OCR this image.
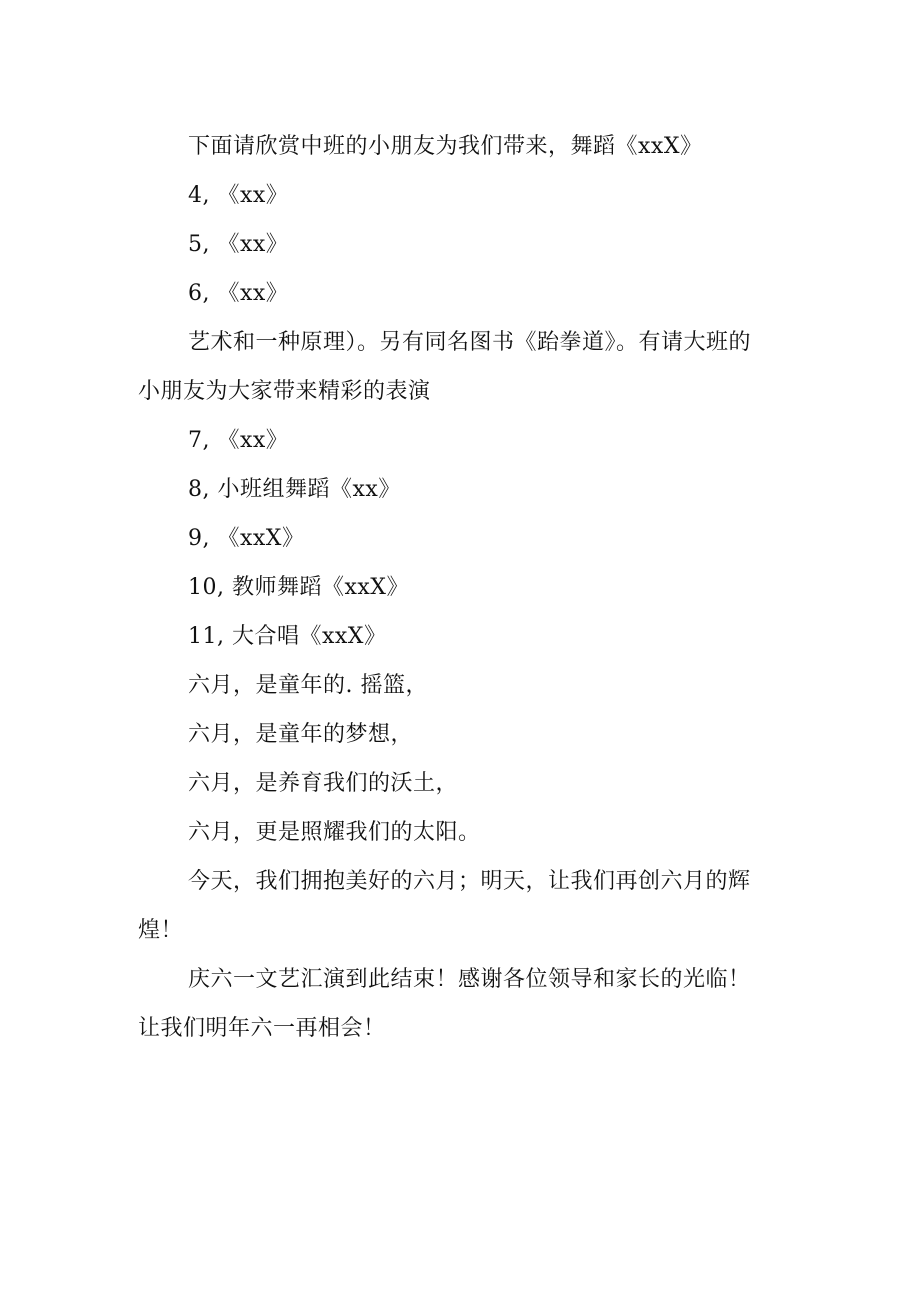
下面请欣赏中班的小朋友为我们带来，舞蹈《xxX》
4, 《xx》
5, 《xx》
6, 《xx》
艺术和一种原理）。另有同名图书《跆拳道》。有请大班的
小朋友为大家带来精彩的表演
7, 《xx》
8, 小班组舞蹈《xx》
9, 《xxX》
10, 教师舞蹈《xxX》
11, 大合唱《xxX》
六月，是童年的. 摇篮，
六月，是童年的梦想，
六月，是养育我们的沃土，
六月，更是照耀我们的太阳。
今天，我们拥抱美好的六月；明天，让我们再创六月的辉
煌！
庆六一文艺汇演到此结束！感谢各位领导和家长的光临！
让我们明年六一再相会！
